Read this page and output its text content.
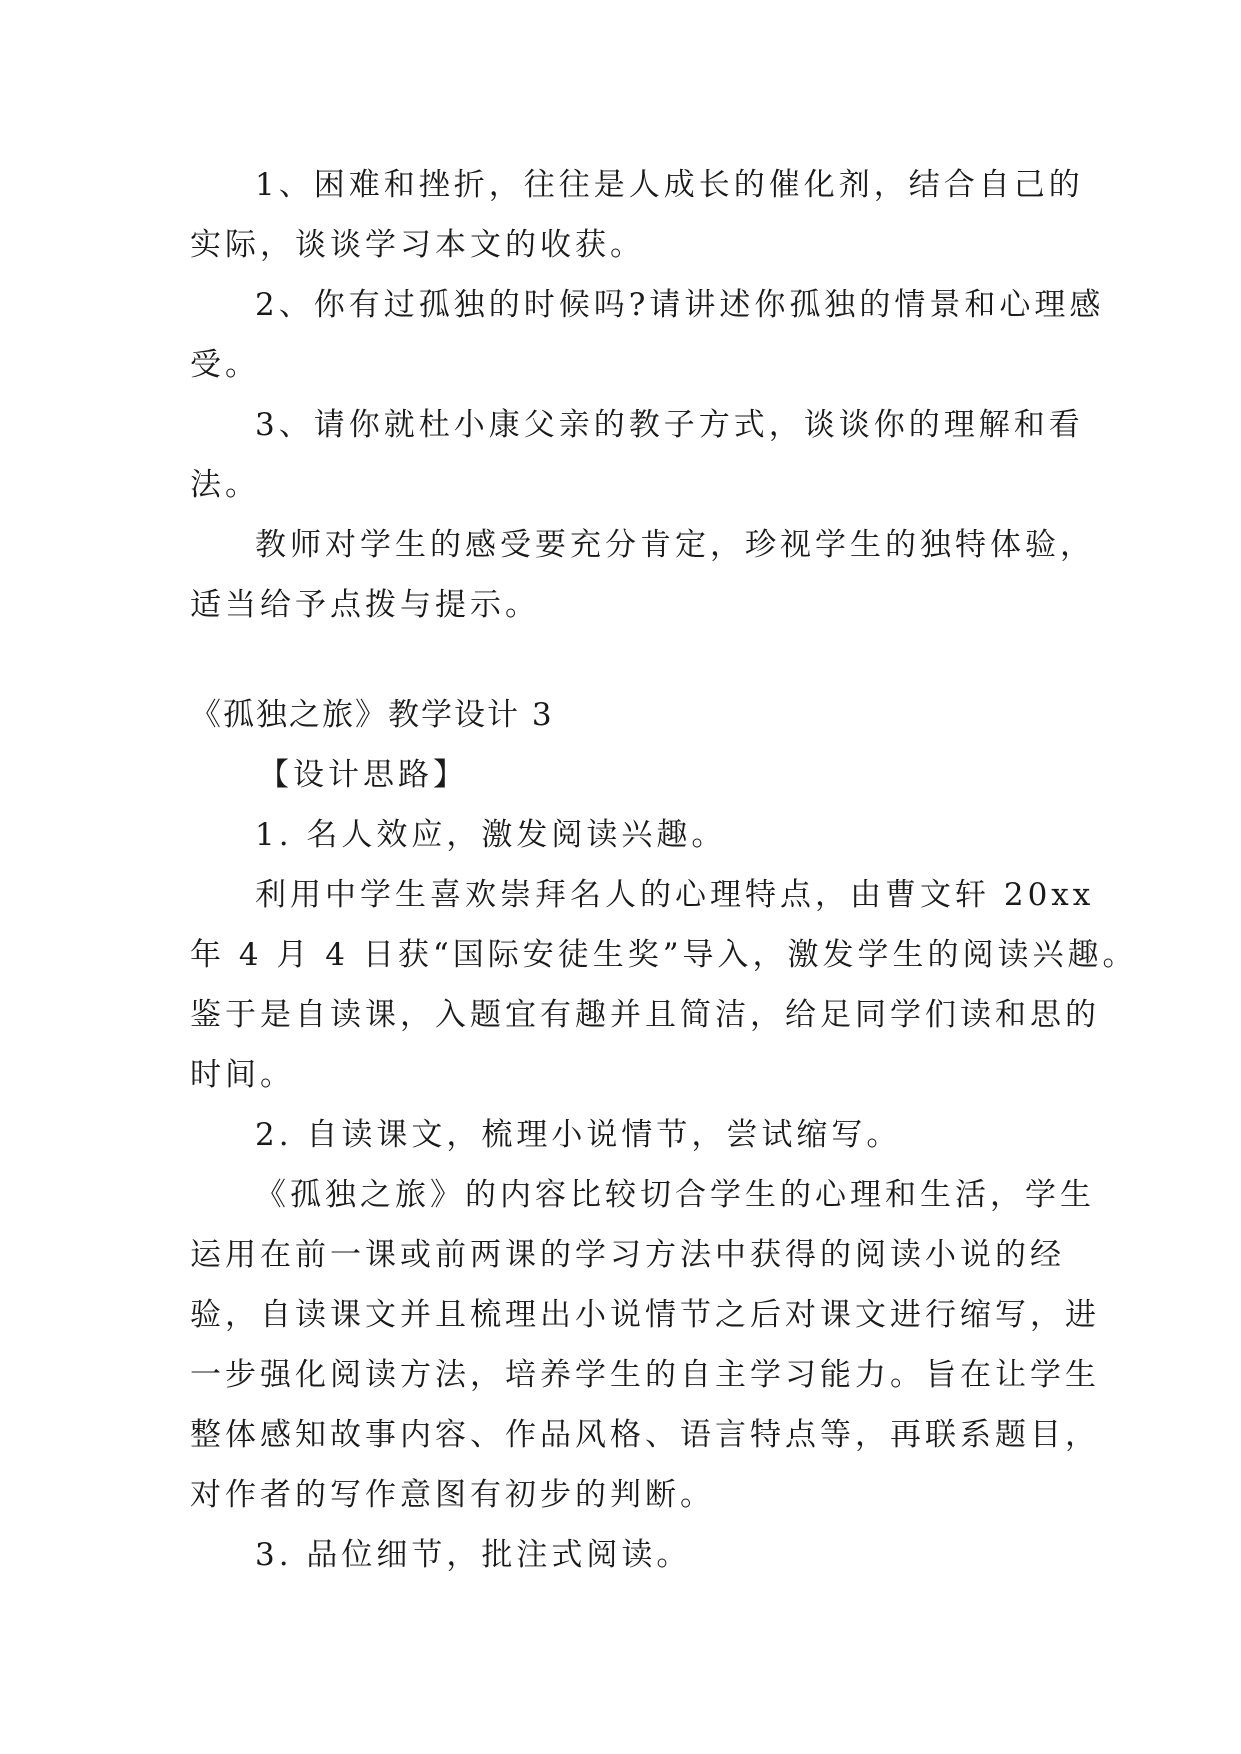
1、困难和挫折，往往是人成长的催化剂，结合自己的
实际，谈谈学习本文的收获。
2、你有过孤独的时候吗?请讲述你孤独的情景和心理感
受。
3、请你就杜小康父亲的教子方式，谈谈你的理解和看
法。
教师对学生的感受要充分肯定，珍视学生的独特体验，
适当给予点拨与提示。
《孤独之旅》教学设计 3
【设计思路】
1. 名人效应，激发阅读兴趣。
利用中学生喜欢崇拜名人的心理特点，由曹文轩 20xx
年 4 月 4 日获“国际安徒生奖”导入，激发学生的阅读兴趣。
鉴于是自读课，入题宜有趣并且简洁，给足同学们读和思的
时间。
2. 自读课文，梳理小说情节，尝试缩写。
《孤独之旅》的内容比较切合学生的心理和生活，学生
运用在前一课或前两课的学习方法中获得的阅读小说的经
验，自读课文并且梳理出小说情节之后对课文进行缩写，进
一步强化阅读方法，培养学生的自主学习能力。旨在让学生
整体感知故事内容、作品风格、语言特点等，再联系题目，
对作者的写作意图有初步的判断。
3. 品位细节，批注式阅读。
